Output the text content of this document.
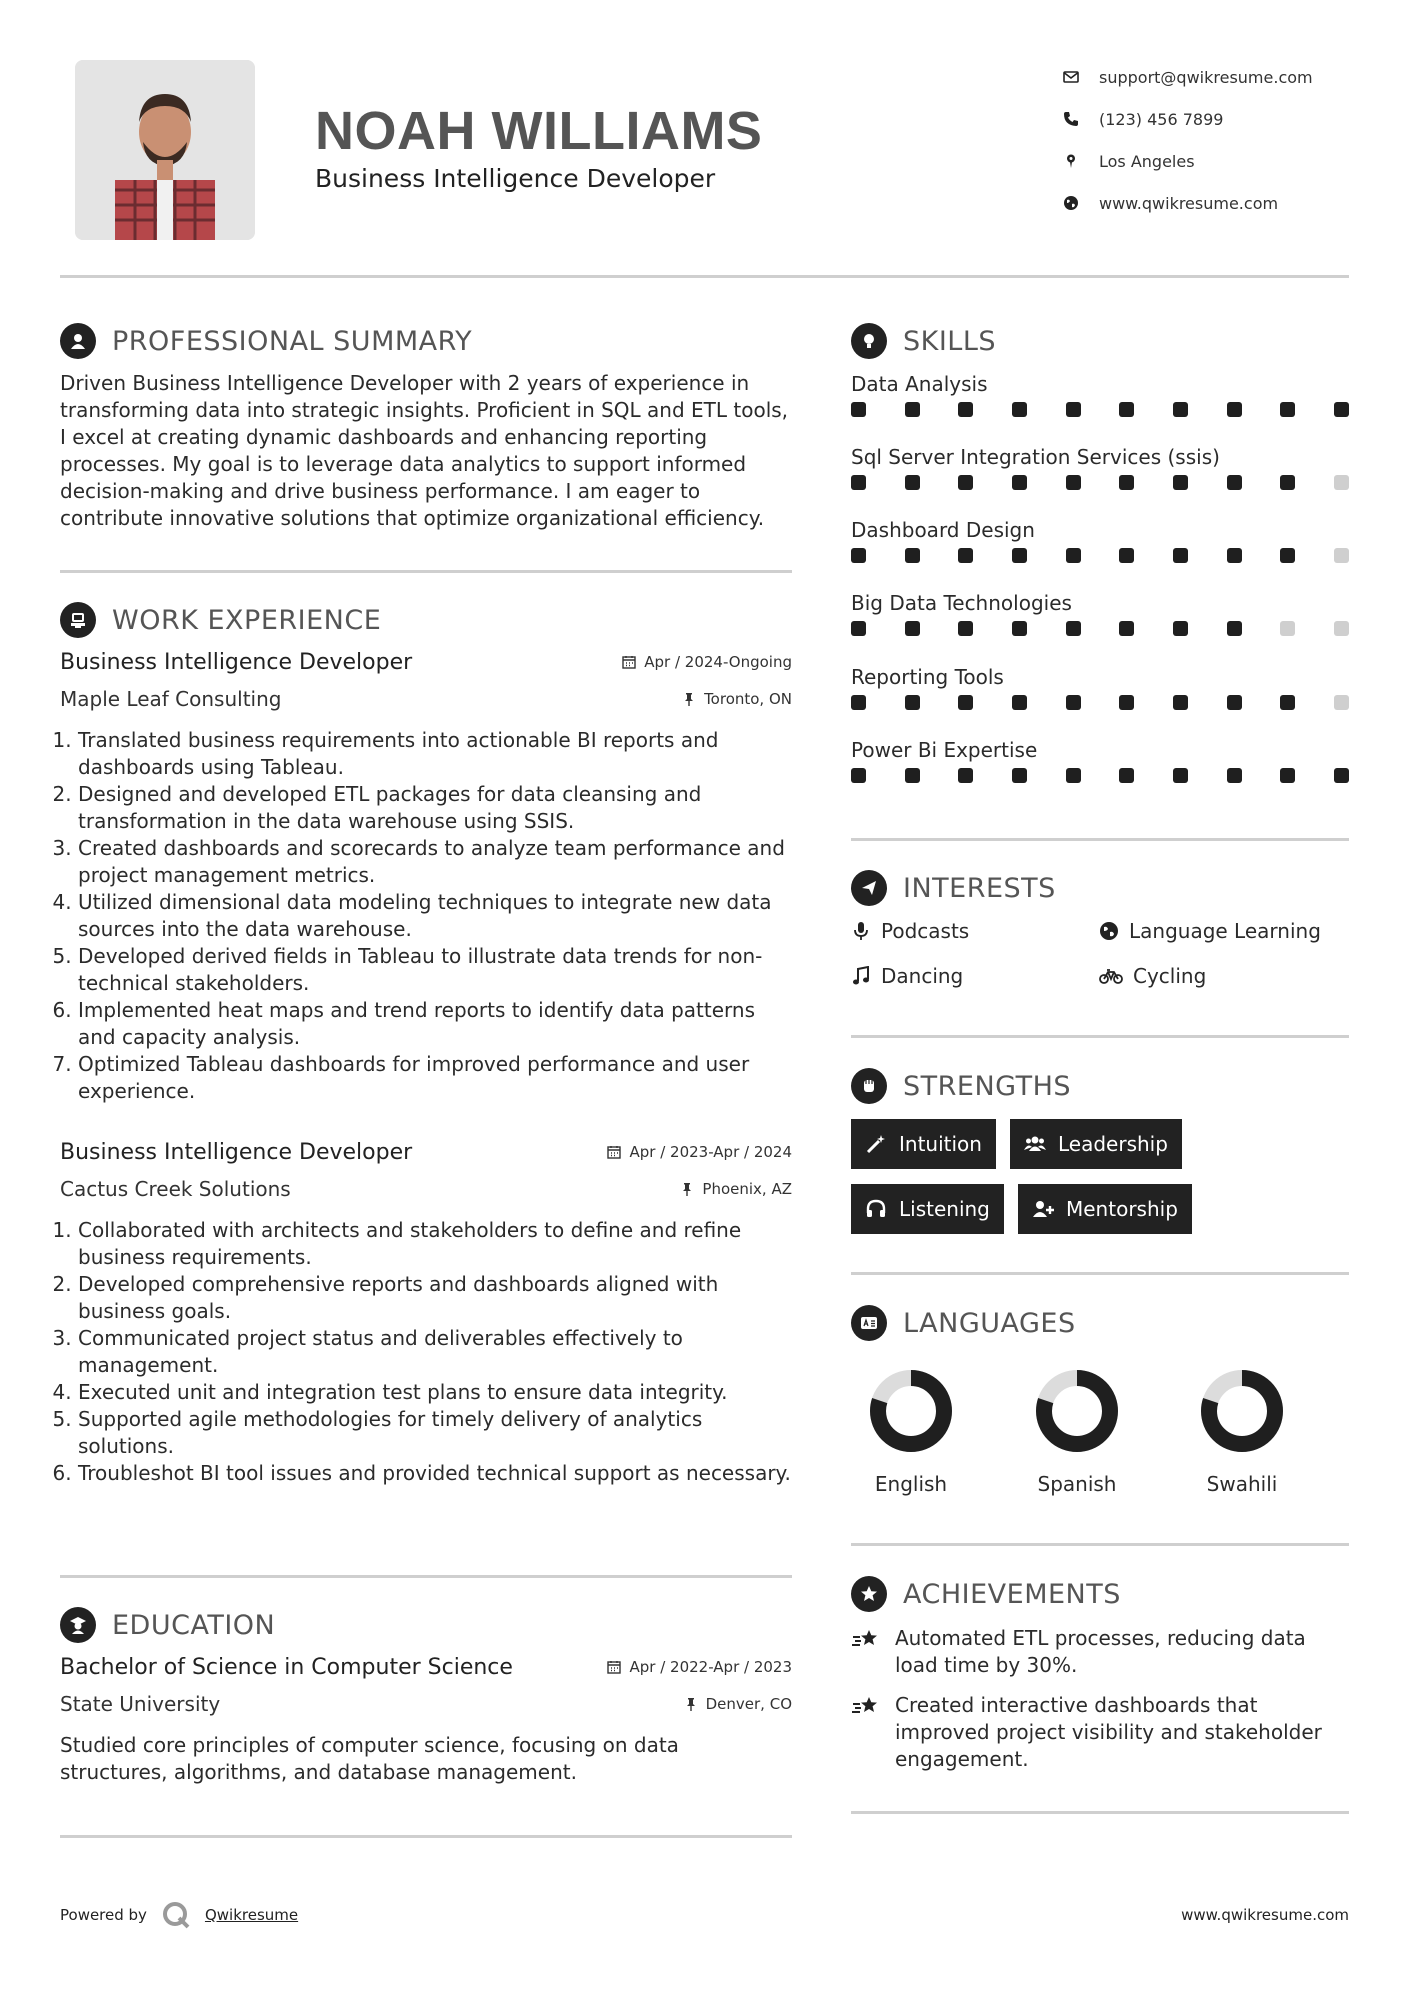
NOAH WILLIAMS
Business Intelligence Developer
support@qwikresume.com
(123) 456 7899
Los Angeles
www.qwikresume.com
PROFESSIONAL SUMMARY
Driven Business Intelligence Developer with 2 years of experience in transforming data into strategic insights. Proficient in SQL and ETL tools, I excel at creating dynamic dashboards and enhancing reporting processes. My goal is to leverage data analytics to support informed decision-making and drive business performance. I am eager to contribute innovative solutions that optimize organizational efficiency.
WORK EXPERIENCE
Business Intelligence Developer	Apr / 2024-Ongoing
Maple Leaf Consulting	Toronto, ON
1. Translated business requirements into actionable BI reports and dashboards using Tableau.
2. Designed and developed ETL packages for data cleansing and transformation in the data warehouse using SSIS.
3. Created dashboards and scorecards to analyze team performance and project management metrics.
4. Utilized dimensional data modeling techniques to integrate new data sources into the data warehouse.
5. Developed derived fields in Tableau to illustrate data trends for non-technical stakeholders.
6. Implemented heat maps and trend reports to identify data patterns and capacity analysis.
7. Optimized Tableau dashboards for improved performance and user experience.
Business Intelligence Developer	Apr / 2023-Apr / 2024
Cactus Creek Solutions	Phoenix, AZ
1. Collaborated with architects and stakeholders to define and refine business requirements.
2. Developed comprehensive reports and dashboards aligned with business goals.
3. Communicated project status and deliverables effectively to management.
4. Executed unit and integration test plans to ensure data integrity.
5. Supported agile methodologies for timely delivery of analytics solutions.
6. Troubleshot BI tool issues and provided technical support as necessary.
EDUCATION
Bachelor of Science in Computer Science	Apr / 2022-Apr / 2023
State University	Denver, CO
Studied core principles of computer science, focusing on data structures, algorithms, and database management.
SKILLS
Data Analysis
Sql Server Integration Services (ssis)
Dashboard Design
Big Data Technologies
Reporting Tools
Power Bi Expertise
INTERESTS
Podcasts	Language Learning
Dancing	Cycling
STRENGTHS
Intuition	Leadership
Listening	Mentorship
LANGUAGES
English	Spanish	Swahili
ACHIEVEMENTS
Automated ETL processes, reducing data load time by 30%.
Created interactive dashboards that improved project visibility and stakeholder engagement.
Powered by	Qwikresume	www.qwikresume.com
